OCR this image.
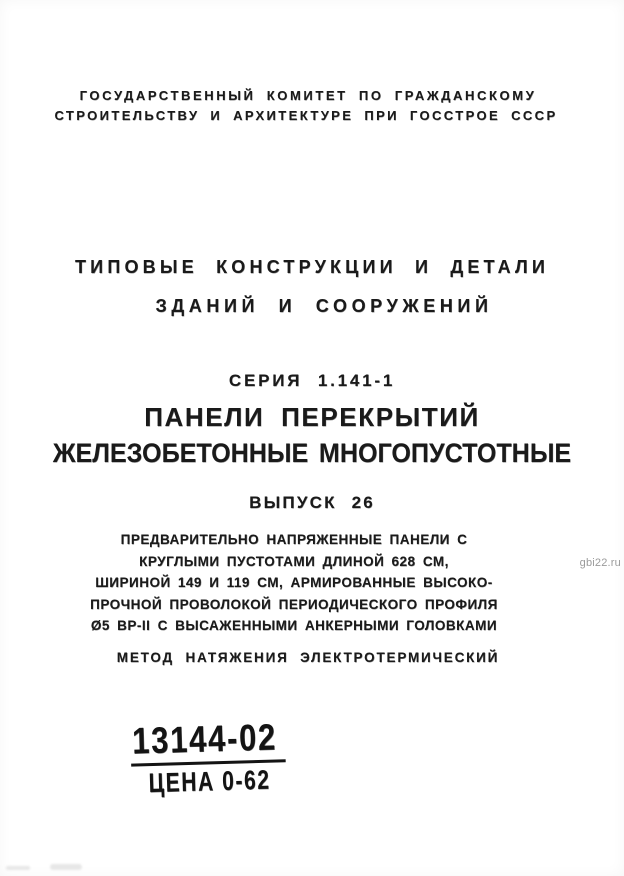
ГОСУДАРСТВЕННЫЙ КОМИТЕТ ПО ГРАЖДАНСКОМУ
СТРОИТЕЛЬСТВУ И АРХИТЕКТУРЕ ПРИ ГОССТРОЕ СССР
ТИПОВЫЕ КОНСТРУКЦИИ И ДЕТАЛИ
ЗДАНИЙ И СООРУЖЕНИЙ
СЕРИЯ 1.141-1
ПАНЕЛИ ПЕРЕКРЫТИЙ
ЖЕЛЕЗОБЕТОННЫЕ МНОГОПУСТОТНЫЕ
ВЫПУСК 26
ПРЕДВАРИТЕЛЬНО НАПРЯЖЕННЫЕ ПАНЕЛИ С
КРУГЛЫМИ ПУСТОТАМИ ДЛИНОЙ 628 СМ,
ШИРИНОЙ 149 И 119 СМ, АРМИРОВАННЫЕ ВЫСОКО-
ПРОЧНОЙ ПРОВОЛОКОЙ ПЕРИОДИЧЕСКОГО ПРОФИЛЯ
Ø5 ВР-II С ВЫСАЖЕННЫМИ АНКЕРНЫМИ ГОЛОВКАМИ
МЕТОД НАТЯЖЕНИЯ ЭЛЕКТРОТЕРМИЧЕСКИЙ
13144-02
ЦЕНА 0-62
gbi22.ru
